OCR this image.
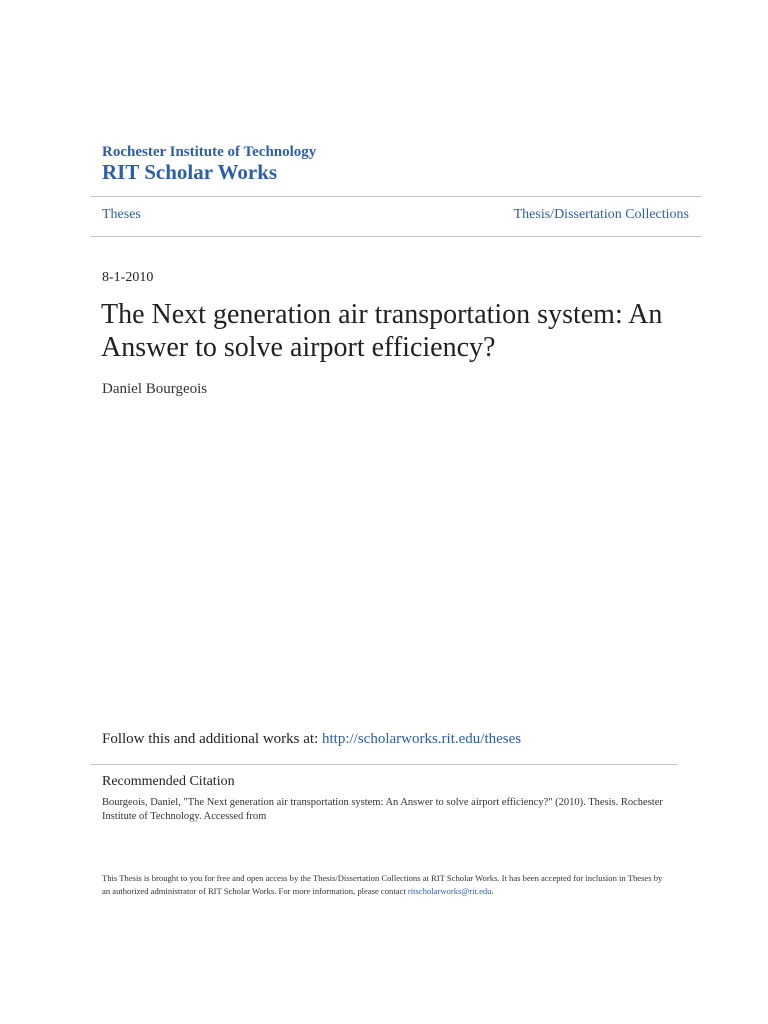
Rochester Institute of Technology
RIT Scholar Works
Theses	Thesis/Dissertation Collections
8-1-2010
The Next generation air transportation system: An Answer to solve airport efficiency?
Daniel Bourgeois
Follow this and additional works at: http://scholarworks.rit.edu/theses
Recommended Citation
Bourgeois, Daniel, "The Next generation air transportation system: An Answer to solve airport efficiency?" (2010). Thesis. Rochester Institute of Technology. Accessed from
This Thesis is brought to you for free and open access by the Thesis/Dissertation Collections at RIT Scholar Works. It has been accepted for inclusion in Theses by an authorized administrator of RIT Scholar Works. For more information, please contact ritscholarworks@rit.edu.
